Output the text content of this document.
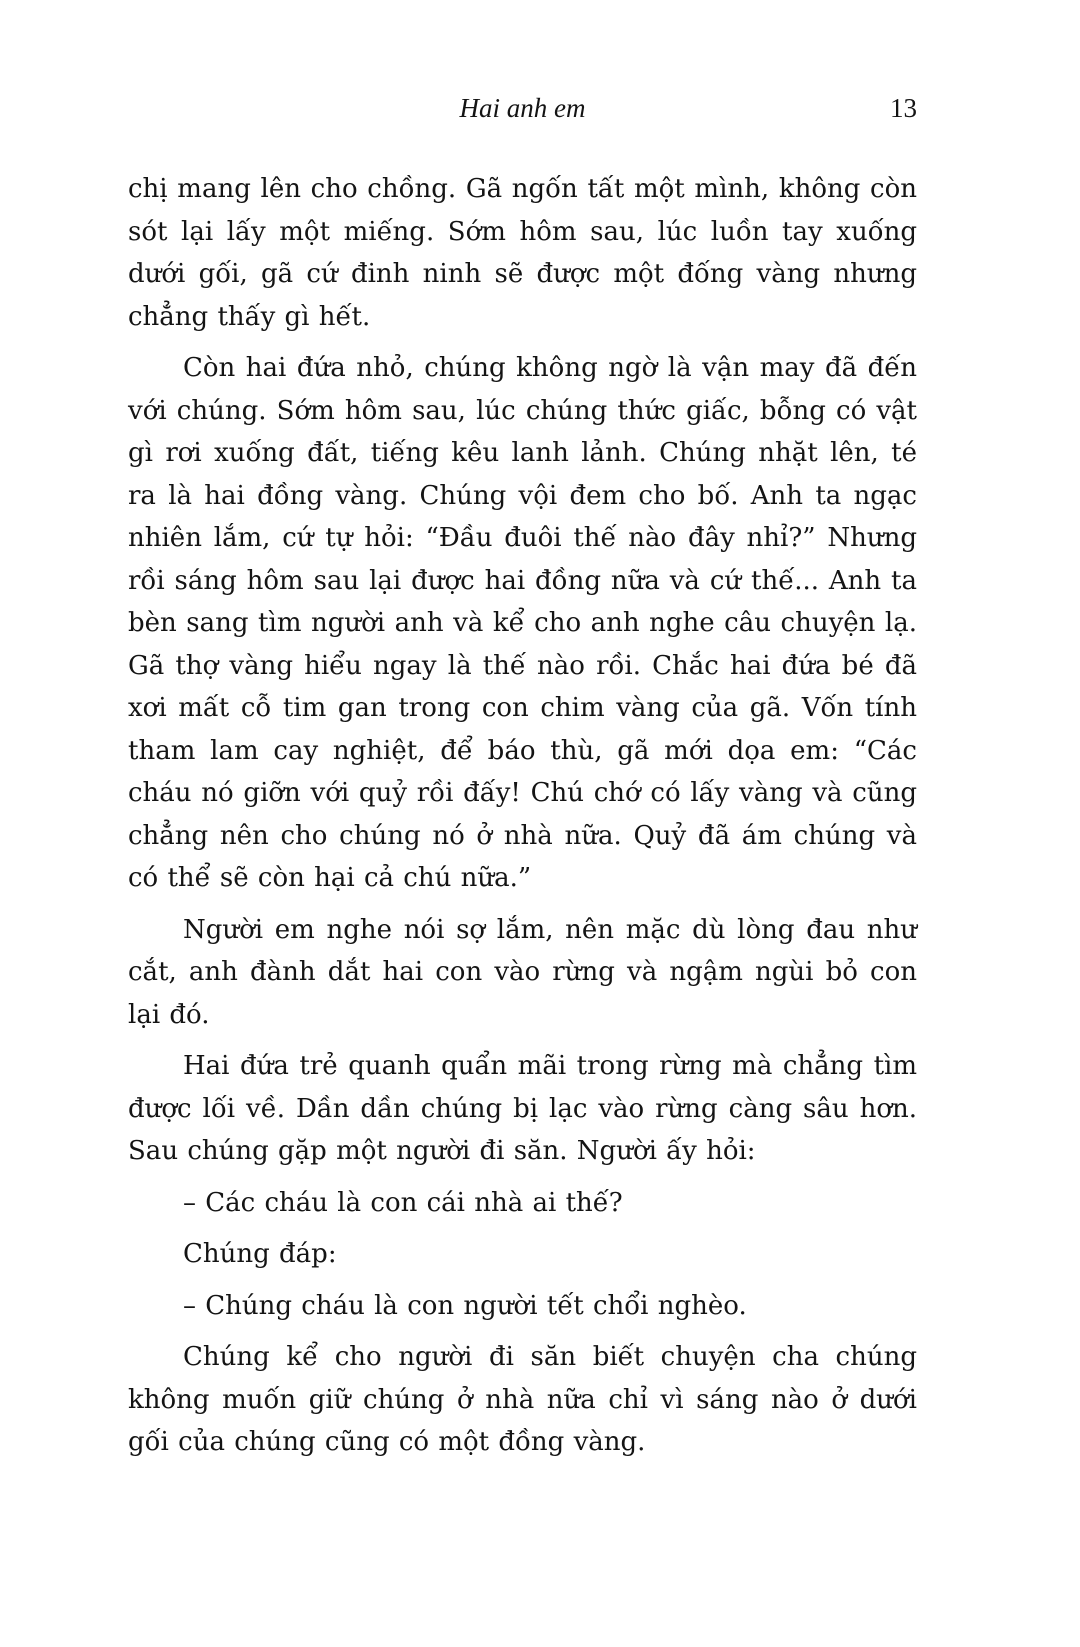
Hai anh em	13

chị mang lên cho chồng. Gã ngốn tất một mình, không còn sót lại lấy một miếng. Sớm hôm sau, lúc luồn tay xuống dưới gối, gã cứ đinh ninh sẽ được một đống vàng nhưng chẳng thấy gì hết.

Còn hai đứa nhỏ, chúng không ngờ là vận may đã đến với chúng. Sớm hôm sau, lúc chúng thức giấc, bỗng có vật gì rơi xuống đất, tiếng kêu lanh lảnh. Chúng nhặt lên, té ra là hai đồng vàng. Chúng vội đem cho bố. Anh ta ngạc nhiên lắm, cứ tự hỏi: “Đầu đuôi thế nào đây nhỉ?” Nhưng rồi sáng hôm sau lại được hai đồng nữa và cứ thế... Anh ta bèn sang tìm người anh và kể cho anh nghe câu chuyện lạ. Gã thợ vàng hiểu ngay là thế nào rồi. Chắc hai đứa bé đã xơi mất cỗ tim gan trong con chim vàng của gã. Vốn tính tham lam cay nghiệt, để báo thù, gã mới dọa em: “Các cháu nó giỡn với quỷ rồi đấy! Chú chớ có lấy vàng và cũng chẳng nên cho chúng nó ở nhà nữa. Quỷ đã ám chúng và có thể sẽ còn hại cả chú nữa.”

Người em nghe nói sợ lắm, nên mặc dù lòng đau như cắt, anh đành dắt hai con vào rừng và ngậm ngùi bỏ con lại đó.

Hai đứa trẻ quanh quẩn mãi trong rừng mà chẳng tìm được lối về. Dần dần chúng bị lạc vào rừng càng sâu hơn. Sau chúng gặp một người đi săn. Người ấy hỏi:

– Các cháu là con cái nhà ai thế?

Chúng đáp:

– Chúng cháu là con người tết chổi nghèo.

Chúng kể cho người đi săn biết chuyện cha chúng không muốn giữ chúng ở nhà nữa chỉ vì sáng nào ở dưới gối của chúng cũng có một đồng vàng.
